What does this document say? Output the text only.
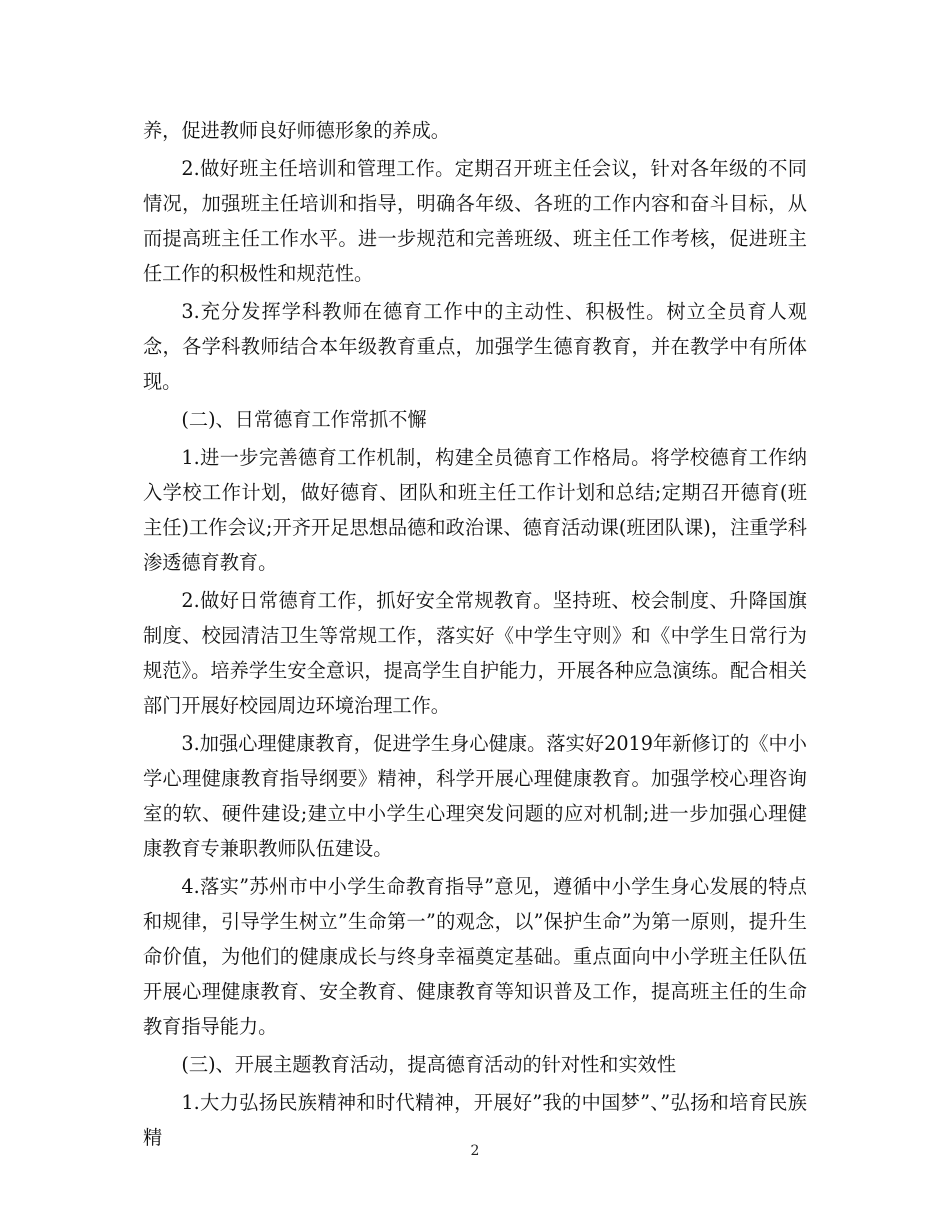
养，促进教师良好师德形象的养成。

2.做好班主任培训和管理工作。定期召开班主任会议，针对各年级的不同情况，加强班主任培训和指导，明确各年级、各班的工作内容和奋斗目标，从而提高班主任工作水平。进一步规范和完善班级、班主任工作考核，促进班主任工作的积极性和规范性。

3.充分发挥学科教师在德育工作中的主动性、积极性。树立全员育人观念，各学科教师结合本年级教育重点，加强学生德育教育，并在教学中有所体现。

(二)、日常德育工作常抓不懈

1.进一步完善德育工作机制，构建全员德育工作格局。将学校德育工作纳入学校工作计划，做好德育、团队和班主任工作计划和总结;定期召开德育(班主任)工作会议;开齐开足思想品德和政治课、德育活动课(班团队课)，注重学科渗透德育教育。

2.做好日常德育工作，抓好安全常规教育。坚持班、校会制度、升降国旗制度、校园清洁卫生等常规工作，落实好《中学生守则》和《中学生日常行为规范》。培养学生安全意识，提高学生自护能力，开展各种应急演练。配合相关部门开展好校园周边环境治理工作。

3.加强心理健康教育，促进学生身心健康。落实好2019年新修订的《中小学心理健康教育指导纲要》精神，科学开展心理健康教育。加强学校心理咨询室的软、硬件建设;建立中小学生心理突发问题的应对机制;进一步加强心理健康教育专兼职教师队伍建设。

4.落实”苏州市中小学生命教育指导”意见，遵循中小学生身心发展的特点和规律，引导学生树立”生命第一”的观念，以”保护生命”为第一原则，提升生命价值，为他们的健康成长与终身幸福奠定基础。重点面向中小学班主任队伍开展心理健康教育、安全教育、健康教育等知识普及工作，提高班主任的生命教育指导能力。

(三)、开展主题教育活动，提高德育活动的针对性和实效性

1.大力弘扬民族精神和时代精神，开展好”我的中国梦”、”弘扬和培育民族精

2
